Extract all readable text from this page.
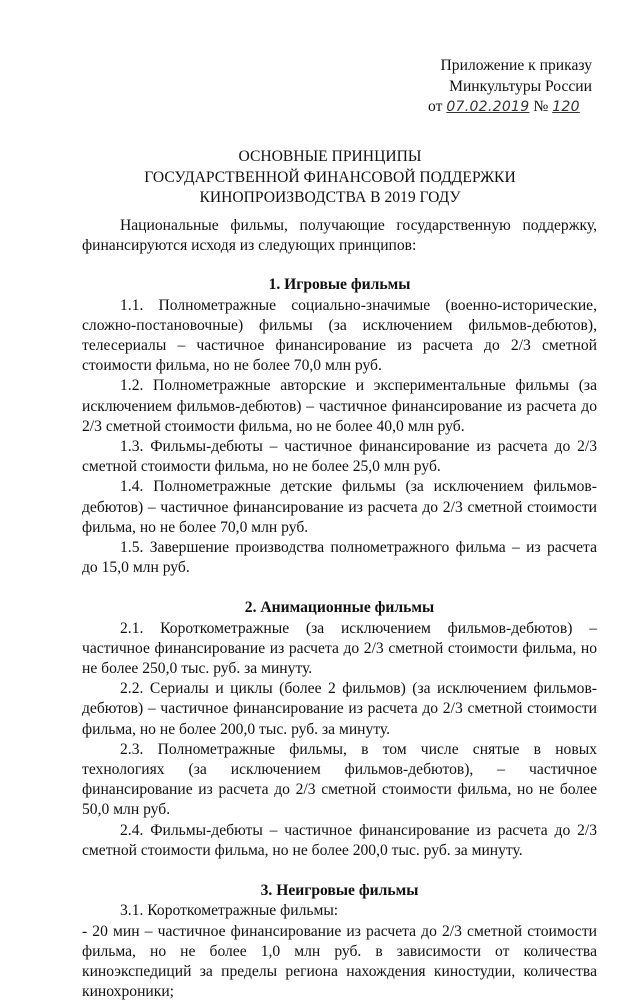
Приложение к приказу
Минкультуры России
от 07.02.2019 № 120
ОСНОВНЫЕ ПРИНЦИПЫ
ГОСУДАРСТВЕННОЙ ФИНАНСОВОЙ ПОДДЕРЖКИ
КИНОПРОИЗВОДСТВА В 2019 ГОДУ

Национальные фильмы, получающие государственную поддержку, финансируются исходя из следующих принципов:

1. Игровые фильмы

1.1. Полнометражные социально-значимые (военно-исторические, сложно-постановочные) фильмы (за исключением фильмов-дебютов), телесериалы – частичное финансирование из расчета до 2/3 сметной стоимости фильма, но не более 70,0 млн руб.

1.2. Полнометражные авторские и экспериментальные фильмы (за исключением фильмов-дебютов) – частичное финансирование из расчета до 2/3 сметной стоимости фильма, но не более 40,0 млн руб.

1.3. Фильмы-дебюты – частичное финансирование из расчета до 2/3 сметной стоимости фильма, но не более 25,0 млн руб.

1.4. Полнометражные детские фильмы (за исключением фильмов-дебютов) – частичное финансирование из расчета до 2/3 сметной стоимости фильма, но не более 70,0 млн руб.

1.5. Завершение производства полнометражного фильма – из расчета до 15,0 млн руб.

2. Анимационные фильмы

2.1. Короткометражные (за исключением фильмов-дебютов) – частичное финансирование из расчета до 2/3 сметной стоимости фильма, но не более 250,0 тыс. руб. за минуту.

2.2. Сериалы и циклы (более 2 фильмов) (за исключением фильмов-дебютов) – частичное финансирование из расчета до 2/3 сметной стоимости фильма, но не более 200,0 тыс. руб. за минуту.

2.3. Полнометражные фильмы, в том числе снятые в новых технологиях (за исключением фильмов-дебютов), – частичное финансирование из расчета до 2/3 сметной стоимости фильма, но не более 50,0 млн руб.

2.4. Фильмы-дебюты – частичное финансирование из расчета до 2/3 сметной стоимости фильма, но не более 200,0 тыс. руб. за минуту.

3. Неигровые фильмы

3.1. Короткометражные фильмы:

- 20 мин – частичное финансирование из расчета до 2/3 сметной стоимости фильма, но не более 1,0 млн руб. в зависимости от количества киноэкспедиций за пределы региона нахождения киностудии, количества кинохроники;
